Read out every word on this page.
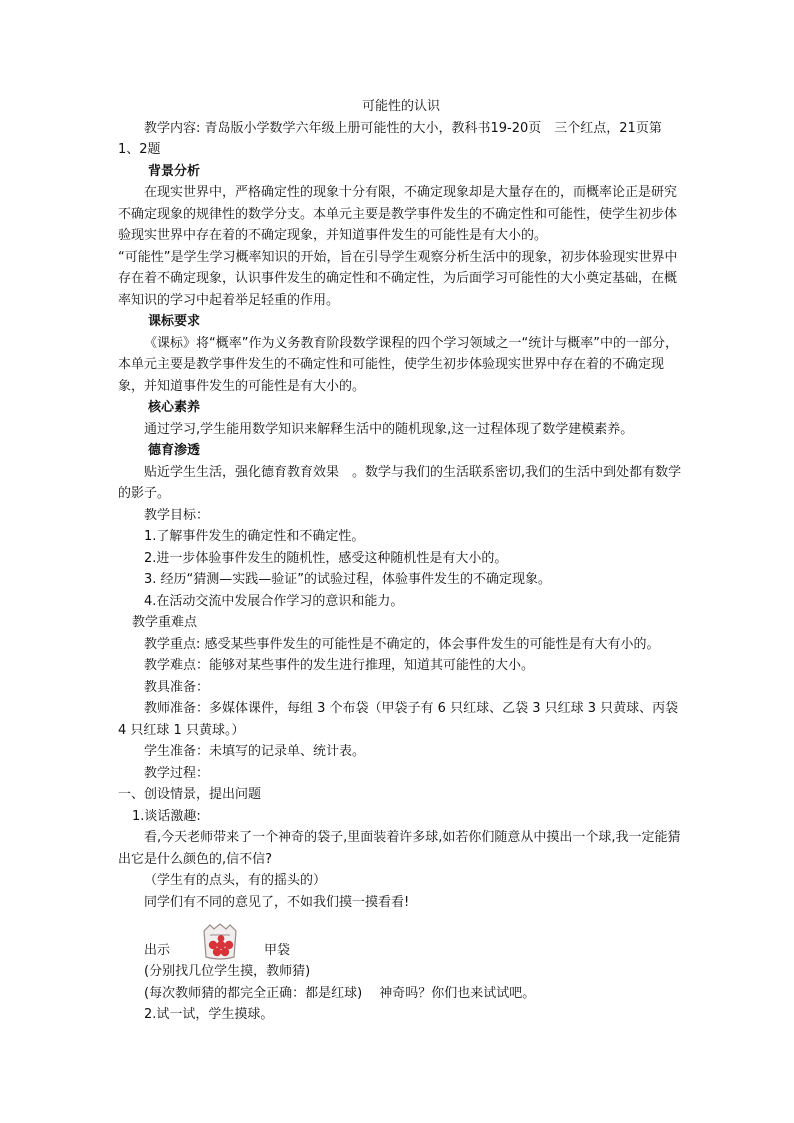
可能性的认识

教学内容: 青岛版小学数学六年级上册可能性的大小，教科书19-20页　三个红点，21页第 1、2题

背景分析

在现实世界中，严格确定性的现象十分有限，不确定现象却是大量存在的，而概率论正是研究不确定现象的规律性的数学分支。本单元主要是教学事件发生的不确定性和可能性，使学生初步体验现实世界中存在着的不确定现象，并知道事件发生的可能性是有大小的。

“可能性”是学生学习概率知识的开始，旨在引导学生观察分析生活中的现象，初步体验现实世界中存在着不确定现象，认识事件发生的确定性和不确定性，为后面学习可能性的大小奠定基础，在概率知识的学习中起着举足轻重的作用。

课标要求

《课标》将“概率”作为义务教育阶段数学课程的四个学习领域之一“统计与概率”中的一部分，本单元主要是教学事件发生的不确定性和可能性，使学生初步体验现实世界中存在着的不确定现象，并知道事件发生的可能性是有大小的。

核心素养

通过学习,学生能用数学知识来解释生活中的随机现象,这一过程体现了数学建模素养。

德育渗透

贴近学生生活，强化德育教育效果　。数学与我们的生活联系密切,我们的生活中到处都有数学的影子。

教学目标：

1.了解事件发生的确定性和不确定性。

2.进一步体验事件发生的随机性，感受这种随机性是有大小的。

3. 经历“猜测—实践—验证”的试验过程，体验事件发生的不确定现象。

4.在活动交流中发展合作学习的意识和能力。

教学重难点

教学重点: 感受某些事件发生的可能性是不确定的，体会事件发生的可能性是有大有小的。

教学难点：能够对某些事件的发生进行推理，知道其可能性的大小。

教具准备：

教师准备：多媒体课件，每组 3 个布袋（甲袋子有 6 只红球、乙袋 3 只红球 3 只黄球、丙袋 4 只红球 1 只黄球。）

学生准备：未填写的记录单、统计表。

教学过程：

一、创设情景，提出问题

1.谈话激趣:

看,今天老师带来了一个神奇的袋子,里面装着许多球,如若你们随意从中摸出一个球,我一定能猜出它是什么颜色的,信不信?

（学生有的点头，有的摇头的）

同学们有不同的意见了，不如我们摸一摸看看!

出示	甲袋

(分别找几位学生摸，教师猜)

(每次教师猜的都完全正确：都是红球)　 神奇吗？你们也来试试吧。

2.试一试，学生摸球。
